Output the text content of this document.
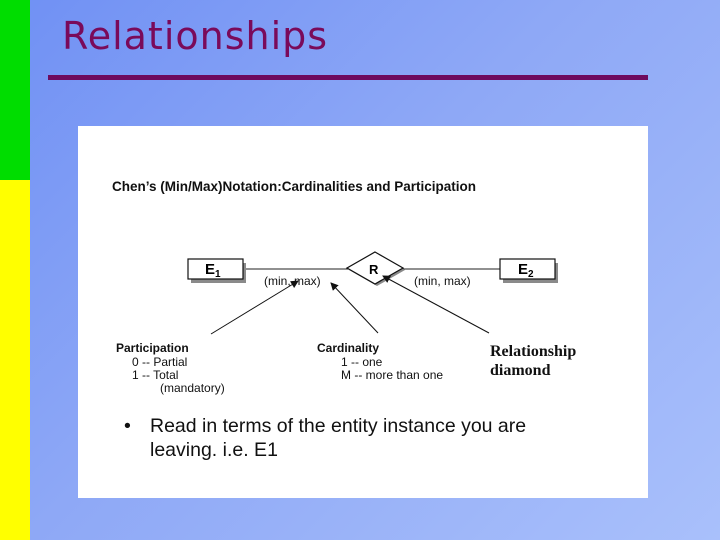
Relationships
Chen’s (Min/Max)Notation:Cardinalities and Participation
$E_1$	$E_2$
R
(min, max)	(min, max)
Participation
0 -- Partial
1 -- Total
(mandatory)
Cardinality
1 -- one
M -- more than one
Relationship
diamond
• Read in terms of the entity instance you are
leaving. i.e. E1
